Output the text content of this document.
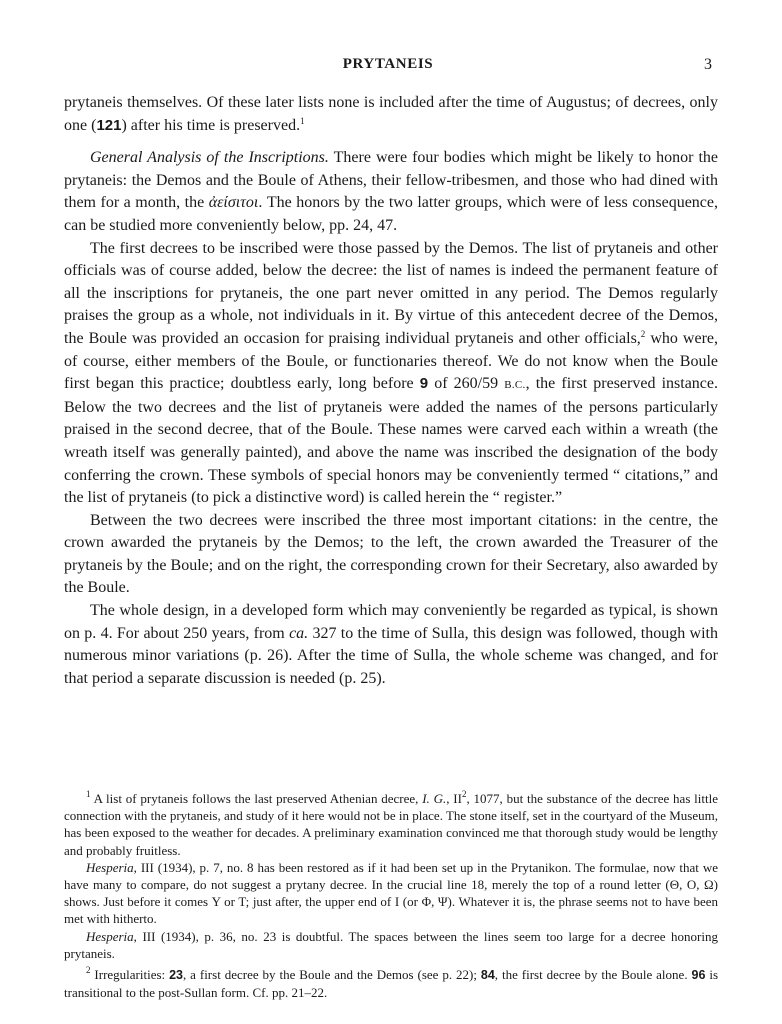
PRYTANEIS	3

prytaneis themselves. Of these later lists none is included after the time of Augustus; of decrees, only one (121) after his time is preserved.$^1$

General Analysis of the Inscriptions. There were four bodies which might be likely to honor the prytaneis: the Demos and the Boule of Athens, their fellow-tribesmen, and those who had dined with them for a month, the ἀείσιτοι. The honors by the two latter groups, which were of less consequence, can be studied more conveniently below, pp. 24, 47.

The first decrees to be inscribed were those passed by the Demos. The list of prytaneis and other officials was of course added, below the decree: the list of names is indeed the permanent feature of all the inscriptions for prytaneis, the one part never omitted in any period. The Demos regularly praises the group as a whole, not individuals in it. By virtue of this antecedent decree of the Demos, the Boule was provided an occasion for praising individual prytaneis and other officials,$^2$ who were, of course, either members of the Boule, or functionaries thereof. We do not know when the Boule first began this practice; doubtless early, long before 9 of 260/59 B.C., the first preserved instance. Below the two decrees and the list of prytaneis were added the names of the persons particularly praised in the second decree, that of the Boule. These names were carved each within a wreath (the wreath itself was generally painted), and above the name was inscribed the designation of the body conferring the crown. These symbols of special honors may be conveniently termed “ citations,” and the list of prytaneis (to pick a distinctive word) is called herein the “ register.”

Between the two decrees were inscribed the three most important citations: in the centre, the crown awarded the prytaneis by the Demos; to the left, the crown awarded the Treasurer of the prytaneis by the Boule; and on the right, the corresponding crown for their Secretary, also awarded by the Boule.

The whole design, in a developed form which may conveniently be regarded as typical, is shown on p. 4. For about 250 years, from ca. 327 to the time of Sulla, this design was followed, though with numerous minor variations (p. 26). After the time of Sulla, the whole scheme was changed, and for that period a separate discussion is needed (p. 25).

$^1$ A list of prytaneis follows the last preserved Athenian decree, I. G., $II^2$, 1077, but the substance of the decree has little connection with the prytaneis, and study of it here would not be in place. The stone itself, set in the courtyard of the Museum, has been exposed to the weather for decades. A preliminary examination convinced me that thorough study would be lengthy and probably fruitless.

Hesperia, III (1934), p. 7, no. 8 has been restored as if it had been set up in the Prytanikon. The formulae, now that we have many to compare, do not suggest a prytany decree. In the crucial line 18, merely the top of a round letter (Θ, O, Ω) shows. Just before it comes Υ or T; just after, the upper end of I (or Φ, Ψ). Whatever it is, the phrase seems not to have been met with hitherto.

Hesperia, III (1934), p. 36, no. 23 is doubtful. The spaces between the lines seem too large for a decree honoring prytaneis.

$^2$ Irregularities: 23, a first decree by the Boule and the Demos (see p. 22); 84, the first decree by the Boule alone. 96 is transitional to the post-Sullan form. Cf. pp. 21–22.
